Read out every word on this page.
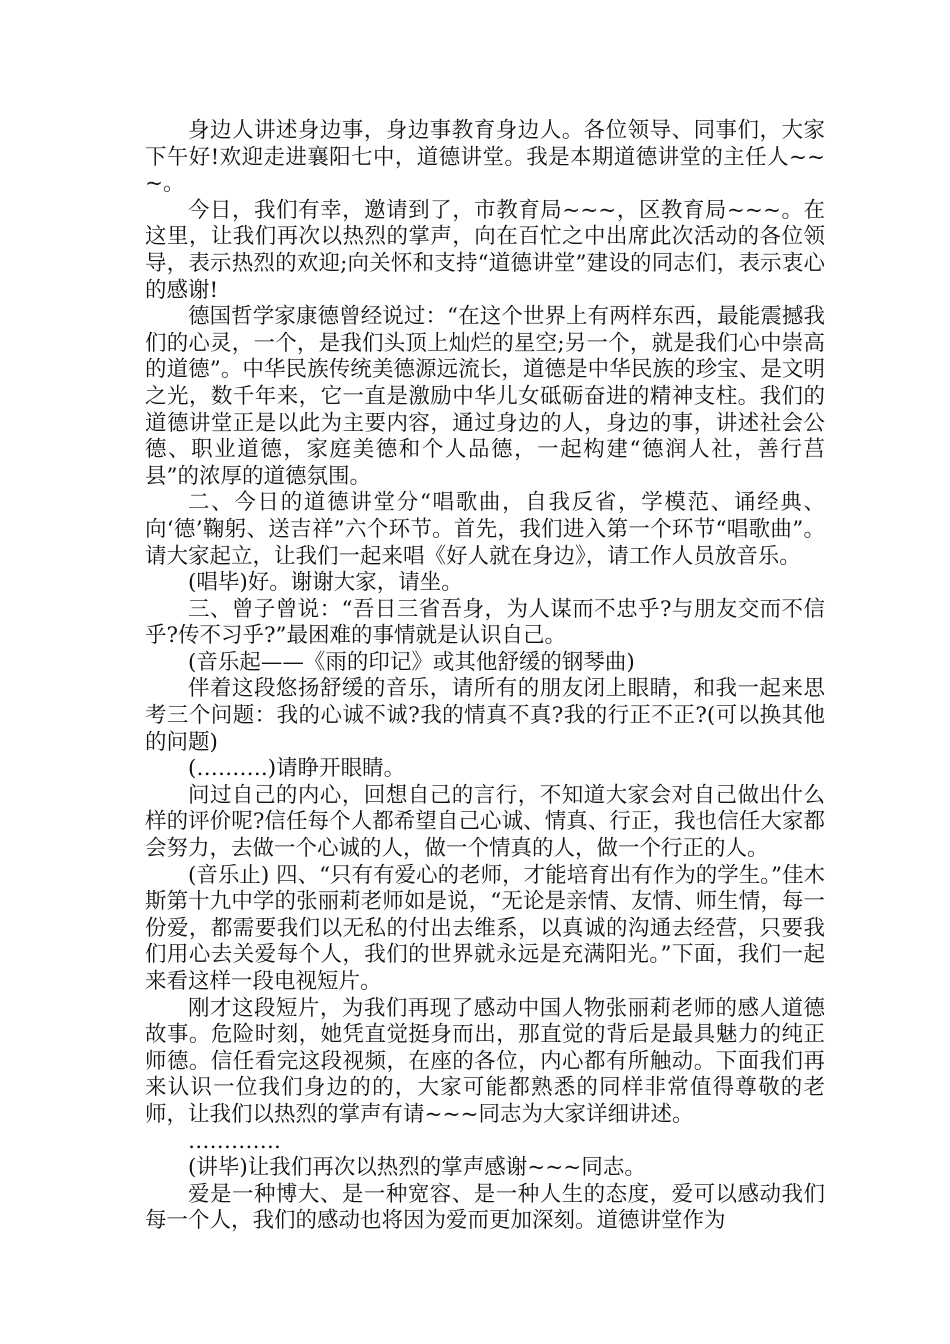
身边人讲述身边事，身边事教育身边人。各位领导、同事们，大家下午好!欢迎走进襄阳七中，道德讲堂。我是本期道德讲堂的主任人~~~。

今日，我们有幸，邀请到了，市教育局~~~，区教育局~~~。在这里，让我们再次以热烈的掌声，向在百忙之中出席此次活动的各位领导，表示热烈的欢迎;向关怀和支持“道德讲堂”建设的同志们，表示衷心的感谢!

德国哲学家康德曾经说过：“在这个世界上有两样东西，最能震撼我们的心灵，一个，是我们头顶上灿烂的星空;另一个，就是我们心中崇高的道德”。中华民族传统美德源远流长，道德是中华民族的珍宝、是文明之光，数千年来，它一直是激励中华儿女砥砺奋进的精神支柱。我们的道德讲堂正是以此为主要内容，通过身边的人，身边的事，讲述社会公德、职业道德，家庭美德和个人品德，一起构建“德润人社，善行莒县”的浓厚的道德氛围。

二、今日的道德讲堂分“唱歌曲，自我反省，学模范、诵经典、向‘德’鞠躬、送吉祥”六个环节。首先，我们进入第一个环节“唱歌曲”。请大家起立，让我们一起来唱《好人就在身边》，请工作人员放音乐。

(唱毕)好。谢谢大家，请坐。

三、曾子曾说：“吾日三省吾身，为人谋而不忠乎?与朋友交而不信乎?传不习乎?”最困难的事情就是认识自己。

(音乐起——《雨的印记》或其他舒缓的钢琴曲)

伴着这段悠扬舒缓的音乐，请所有的朋友闭上眼睛，和我一起来思考三个问题：我的心诚不诚?我的情真不真?我的行正不正?(可以换其他的问题)

(……….)请睁开眼睛。

问过自己的内心，回想自己的言行，不知道大家会对自己做出什么样的评价呢?信任每个人都希望自己心诚、情真、行正，我也信任大家都会努力，去做一个心诚的人，做一个情真的人，做一个行正的人。

(音乐止) 四、“只有有爱心的老师，才能培育出有作为的学生。”佳木斯第十九中学的张丽莉老师如是说，“无论是亲情、友情、师生情，每一份爱，都需要我们以无私的付出去维系，以真诚的沟通去经营，只要我们用心去关爱每个人，我们的世界就永远是充满阳光。”下面，我们一起来看这样一段电视短片。

刚才这段短片，为我们再现了感动中国人物张丽莉老师的感人道德故事。危险时刻，她凭直觉挺身而出，那直觉的背后是最具魅力的纯正师德。信任看完这段视频，在座的各位，内心都有所触动。下面我们再来认识一位我们身边的的，大家可能都熟悉的同样非常值得尊敬的老师，让我们以热烈的掌声有请~~~同志为大家详细讲述。

………….

(讲毕)让我们再次以热烈的掌声感谢~~~同志。

爱是一种博大、是一种宽容、是一种人生的态度，爱可以感动我们每一个人，我们的感动也将因为爱而更加深刻。道德讲堂作为
